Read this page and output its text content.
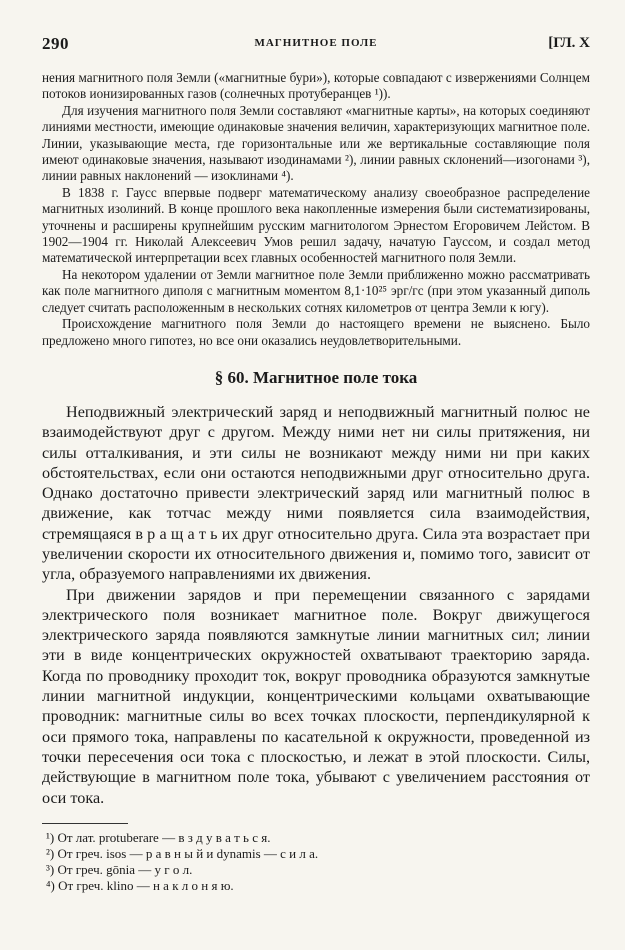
290	МАГНИТНОЕ ПОЛЕ	[ГЛ. X

нения магнитного поля Земли («магнитные бури»), которые совпадают с извержениями Солнцем потоков ионизированных газов (солнечных протуберанцев ¹)).

Для изучения магнитного поля Земли составляют «магнитные карты», на которых соединяют линиями местности, имеющие одинаковые значения величин, характеризующих магнитное поле. Линии, указывающие места, где горизонтальные или же вертикальные составляющие поля имеют одинаковые значения, называют изодинамами ²), линии равных склонений—изогонами ³), линии равных наклонений — изоклинами ⁴).

В 1838 г. Гаусс впервые подверг математическому анализу своеобразное распределение магнитных изолиний. В конце прошлого века накопленные измерения были систематизированы, уточнены и расширены крупнейшим русским магнитологом Эрнестом Егоровичем Лейстом. В 1902—1904 гг. Николай Алексеевич Умов решил задачу, начатую Гауссом, и создал метод математической интерпретации всех главных особенностей магнитного поля Земли.

На некотором удалении от Земли магнитное поле Земли приближенно можно рассматривать как поле магнитного диполя с магнитным моментом 8,1·10²⁵ эрг/гс (при этом указанный диполь следует считать расположенным в нескольких сотнях километров от центра Земли к югу).

Происхождение магнитного поля Земли до настоящего времени не выяснено. Было предложено много гипотез, но все они оказались неудовлетворительными.

§ 60. Магнитное поле тока

Неподвижный электрический заряд и неподвижный магнитный полюс не взаимодействуют друг с другом. Между ними нет ни силы притяжения, ни силы отталкивания, и эти силы не возникают между ними ни при каких обстоятельствах, если они остаются неподвижными друг относительно друга. Однако достаточно привести электрический заряд или магнитный полюс в движение, как тотчас между ними появляется сила взаимодействия, стремящаяся в р а щ а т ь их друг относительно друга. Сила эта возрастает при увеличении скорости их относительного движения и, помимо того, зависит от угла, образуемого направлениями их движения.

При движении зарядов и при перемещении связанного с зарядами электрического поля возникает магнитное поле. Вокруг движущегося электрического заряда появляются замкнутые линии магнитных сил; линии эти в виде концентрических окружностей охватывают траекторию заряда. Когда по проводнику проходит ток, вокруг проводника образуются замкнутые линии магнитной индукции, концентрическими кольцами охватывающие проводник: магнитные силы во всех точках плоскости, перпендикулярной к оси прямого тока, направлены по касательной к окружности, проведенной из точки пересечения оси тока с плоскостью, и лежат в этой плоскости. Силы, действующие в магнитном поле тока, убывают с увеличением расстояния от оси тока.

¹) От лат. protuberare — в з д у в а т ь с я.
²) От греч. isos — р а в н ы й и dynamis — с и л а.
³) От греч. gōnia — у г о л.
⁴) От греч. klino — н а к л о н я ю.
